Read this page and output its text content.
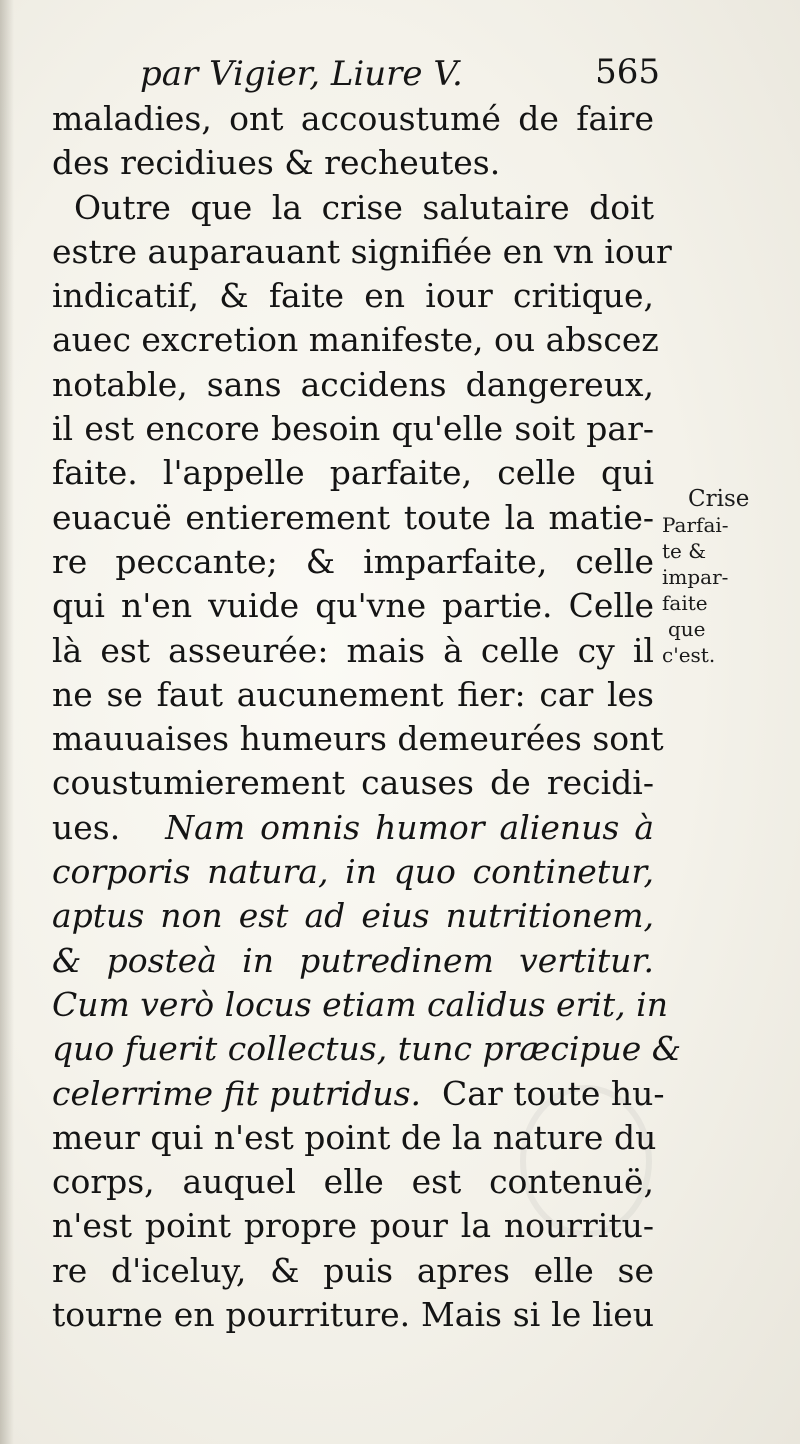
par Vigier, Liure V.	565
maladies, ont accoustumé de faire
des recidiues & recheutes.
Outre que la crise salutaire doit
estre auparauant signifiée en vn iour
indicatif, & faite en iour critique,
auec excretion manifeste, ou abscez
notable, sans accidens dangereux,
il est encore besoin qu'elle soit par-
faite. l'appelle parfaite, celle qui
euacuë entierement toute la matie-
re peccante; & imparfaite, celle
qui n'en vuide qu'vne partie. Celle
là est asseurée: mais à celle cy il
ne se faut aucunement fier: car les
mauuaises humeurs demeurées sont
coustumierement causes de recidi-
ues. Nam omnis humor alienus à
corporis natura, in quo continetur,
aptus non est ad eius nutritionem,
& posteà in putredinem vertitur.
Cum verò locus etiam calidus erit, in
quo fuerit collectus, tunc præcipue &
celerrime fit putridus. Car toute hu-
meur qui n'est point de la nature du
corps, auquel elle est contenuë,
n'est point propre pour la nourritu-
re d'iceluy, & puis apres elle se
tourne en pourriture. Mais si le lieu
Crise
Parfai-
te &
impar-
faite
que
c'est.
